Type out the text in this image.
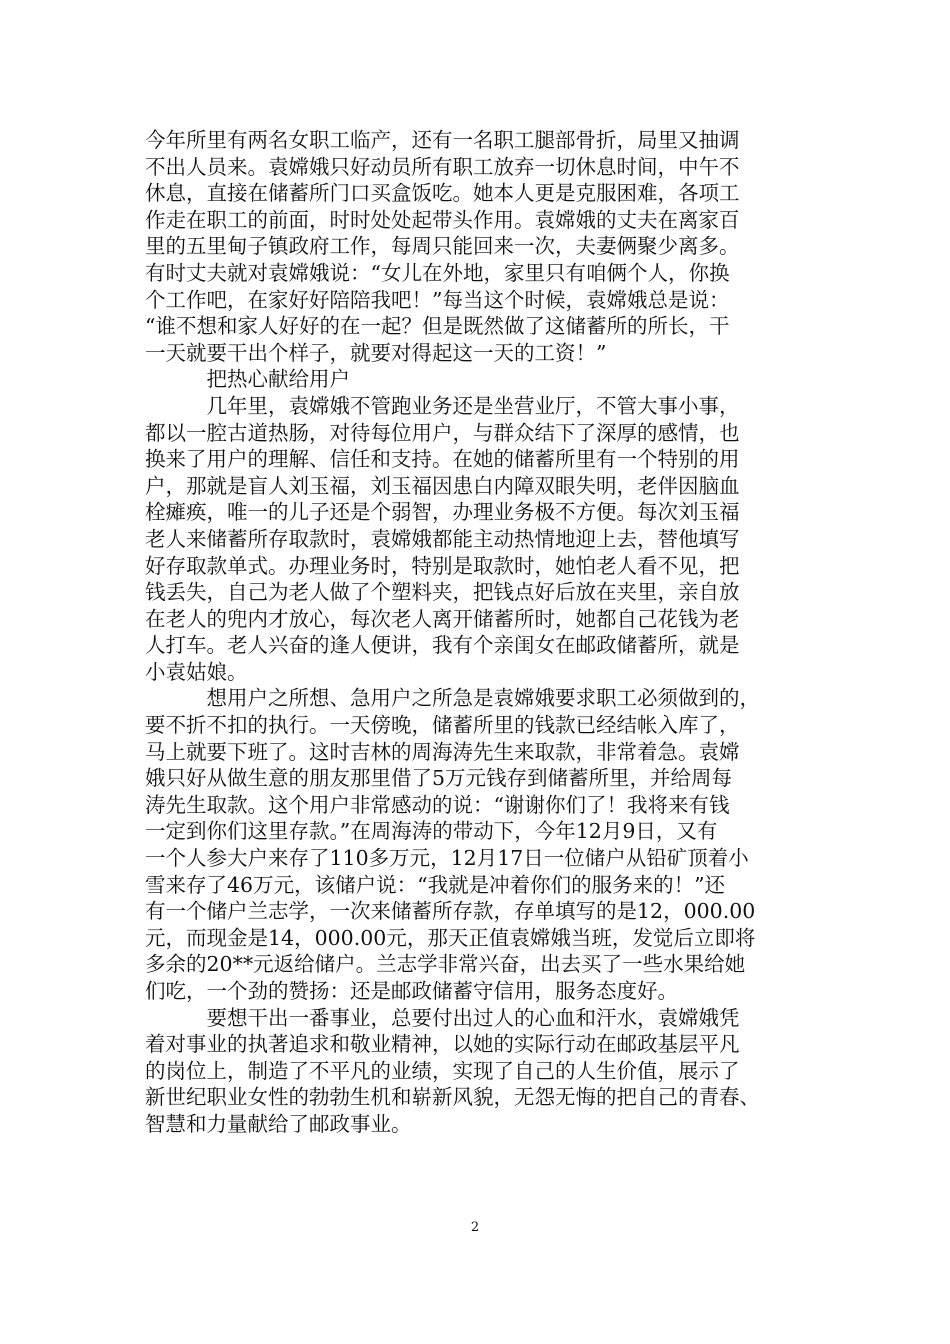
今年所里有两名女职工临产，还有一名职工腿部骨折，局里又抽调
不出人员来。袁嫦娥只好动员所有职工放弃一切休息时间，中午不
休息，直接在储蓄所门口买盒饭吃。她本人更是克服困难，各项工
作走在职工的前面，时时处处起带头作用。袁嫦娥的丈夫在离家百
里的五里甸子镇政府工作，每周只能回来一次，夫妻俩聚少离多。
有时丈夫就对袁嫦娥说：“女儿在外地，家里只有咱俩个人，你换
个工作吧，在家好好陪陪我吧！”每当这个时候，袁嫦娥总是说：
“谁不想和家人好好的在一起？但是既然做了这储蓄所的所长，干
一天就要干出个样子，就要对得起这一天的工资！”
　　　把热心献给用户
　　　几年里，袁嫦娥不管跑业务还是坐营业厅，不管大事小事，
都以一腔古道热肠，对待每位用户，与群众结下了深厚的感情，也
换来了用户的理解、信任和支持。在她的储蓄所里有一个特别的用
户，那就是盲人刘玉福，刘玉福因患白内障双眼失明，老伴因脑血
栓瘫痪，唯一的儿子还是个弱智，办理业务极不方便。每次刘玉福
老人来储蓄所存取款时，袁嫦娥都能主动热情地迎上去，替他填写
好存取款单式。办理业务时，特别是取款时，她怕老人看不见，把
钱丢失，自己为老人做了个塑料夹，把钱点好后放在夹里，亲自放
在老人的兜内才放心，每次老人离开储蓄所时，她都自己花钱为老
人打车。老人兴奋的逢人便讲，我有个亲闺女在邮政储蓄所，就是
小袁姑娘。
　　　想用户之所想、急用户之所急是袁嫦娥要求职工必须做到的，
要不折不扣的执行。一天傍晚，储蓄所里的钱款已经结帐入库了，
马上就要下班了。这时吉林的周海涛先生来取款，非常着急。袁嫦
娥只好从做生意的朋友那里借了5万元钱存到储蓄所里，并给周每
涛先生取款。这个用户非常感动的说：“谢谢你们了！我将来有钱
一定到你们这里存款。”在周海涛的带动下，今年12月9日，又有
一个人参大户来存了110多万元，12月17日一位储户从铅矿顶着小
雪来存了46万元，该储户说：“我就是冲着你们的服务来的！”还
有一个储户兰志学，一次来储蓄所存款，存单填写的是12，000.00
元，而现金是14，000.00元，那天正值袁嫦娥当班，发觉后立即将
多余的20**元返给储户。兰志学非常兴奋，出去买了一些水果给她
们吃，一个劲的赞扬：还是邮政储蓄守信用，服务态度好。
　　　要想干出一番事业，总要付出过人的心血和汗水，袁嫦娥凭
着对事业的执著追求和敬业精神，以她的实际行动在邮政基层平凡
的岗位上，制造了不平凡的业绩，实现了自己的人生价值，展示了
新世纪职业女性的勃勃生机和崭新风貌，无怨无悔的把自己的青春、
智慧和力量献给了邮政事业。
2
